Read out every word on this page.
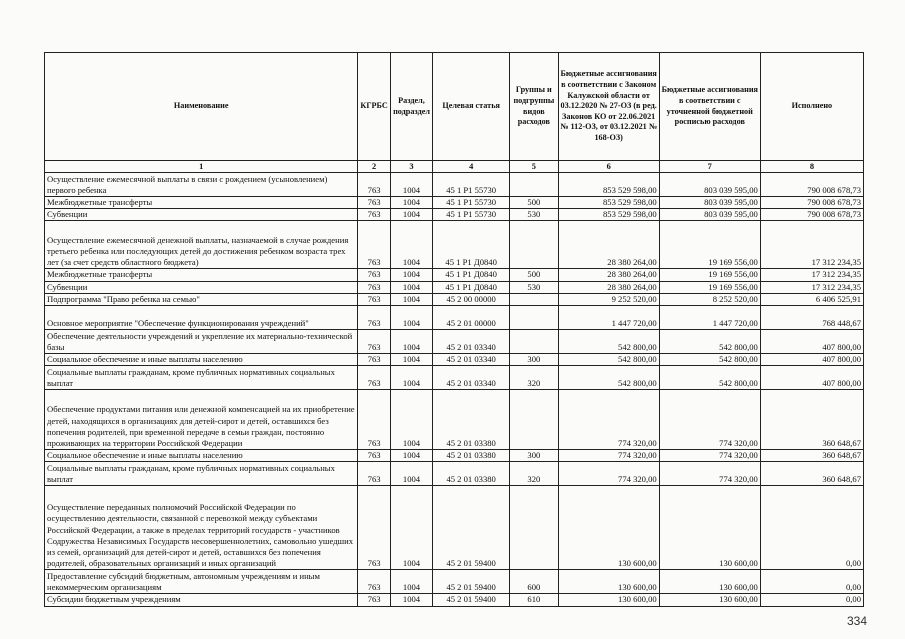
Наименование	КГРБС	Раздел, подраздел	Целевая статья	Группы и подгруппы видов расходов	Бюджетные ассигнования в соответствии с Законом Калужской области от 03.12.2020 № 27-ОЗ (в ред. Законов КО от 22.06.2021 № 112-ОЗ, от 03.12.2021 № 168-ОЗ)	Бюджетные ассигнования в соответствии с уточненной бюджетной росписью расходов	Исполнено
1	2	3	4	5	6	7	8
Осуществление ежемесячной выплаты в связи с рождением (усыновлением) первого ребенка	763	1004	45 1 P1 55730		853 529 598,00	803 039 595,00	790 008 678,73
Межбюджетные трансферты	763	1004	45 1 P1 55730	500	853 529 598,00	803 039 595,00	790 008 678,73
Субвенции	763	1004	45 1 P1 55730	530	853 529 598,00	803 039 595,00	790 008 678,73
Осуществление ежемесячной денежной выплаты, назначаемой в случае рождения третьего ребенка или последующих детей до достижения ребенком возраста трех лет (за счет средств областного бюджета)	763	1004	45 1 P1 Д0840		28 380 264,00	19 169 556,00	17 312 234,35
Межбюджетные трансферты	763	1004	45 1 P1 Д0840	500	28 380 264,00	19 169 556,00	17 312 234,35
Субвенции	763	1004	45 1 P1 Д0840	530	28 380 264,00	19 169 556,00	17 312 234,35
Подпрограмма "Право ребенка на семью"	763	1004	45 2 00 00000		9 252 520,00	8 252 520,00	6 406 525,91
Основное мероприятие "Обеспечение функционирования учреждений"	763	1004	45 2 01 00000		1 447 720,00	1 447 720,00	768 448,67
Обеспечение деятельности учреждений и укрепление их материально-технической базы	763	1004	45 2 01 03340		542 800,00	542 800,00	407 800,00
Социальное обеспечение и иные выплаты населению	763	1004	45 2 01 03340	300	542 800,00	542 800,00	407 800,00
Социальные выплаты гражданам, кроме публичных нормативных социальных выплат	763	1004	45 2 01 03340	320	542 800,00	542 800,00	407 800,00
Обеспечение продуктами питания или денежной компенсацией на их приобретение детей, находящихся в организациях для детей-сирот и детей, оставшихся без попечения родителей, при временной передаче в семьи граждан, постоянно проживающих на территории Российской Федерации	763	1004	45 2 01 03380		774 320,00	774 320,00	360 648,67
Социальное обеспечение и иные выплаты населению	763	1004	45 2 01 03380	300	774 320,00	774 320,00	360 648,67
Социальные выплаты гражданам, кроме публичных нормативных социальных выплат	763	1004	45 2 01 03380	320	774 320,00	774 320,00	360 648,67
Осуществление переданных полномочий Российской Федерации по осуществлению деятельности, связанной с перевозкой между субъектами Российской Федерации, а также в пределах территорий государств - участников Содружества Независимых Государств несовершеннолетних, самовольно ушедших из семей, организаций для детей-сирот и детей, оставшихся без попечения родителей, образовательных организаций и иных организаций	763	1004	45 2 01 59400		130 600,00	130 600,00	0,00
Предоставление субсидий бюджетным, автономным учреждениям и иным некоммерческим организациям	763	1004	45 2 01 59400	600	130 600,00	130 600,00	0,00
Субсидии бюджетным учреждениям	763	1004	45 2 01 59400	610	130 600,00	130 600,00	0,00
334
